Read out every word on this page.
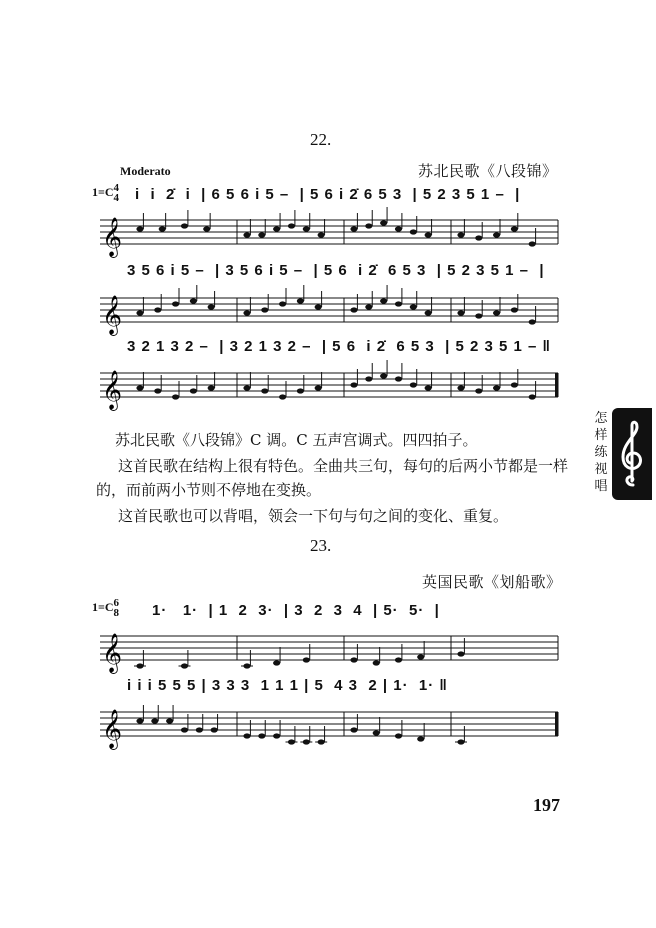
22.
Moderato	苏北民歌《八段锦》
1=C4
4 i  i  2̇  i  | 6 5 6 i 5 –  | 5 6 i 2̇ 6 5 3  | 5 2 3 5 1 –  |
𝄞
3 5 6 i 5 –  | 3 5 6 i 5 –  | 5 6  i 2̇  6 5 3  | 5 2 3 5 1 –  |
𝄞
3 2 1 3 2 –  | 3 2 1 3 2 –  | 5 6  i 2̇  6 5 3  | 5 2 3 5 1 – ‖
𝄞
苏北民歌《八段锦》C 调。C 五声宫调式。四四拍子。
这首民歌在结构上很有特色。全曲共三句，每句的后两小节都是一样的，而前两小节则不停地在变换。
这首民歌也可以背唱，领会一下句与句之间的变化、重复。
怎
样
练
视
唱
23.
英国民歌《划船歌》
1=C6
8 1·   1·  | 1  2  3·  | 3  2  3  4  | 5·  5·  |
𝄞
i i i 5 5 5 | 3 3 3  1 1 1 | 5  4 3  2 | 1·  1· ‖
𝄞
197
